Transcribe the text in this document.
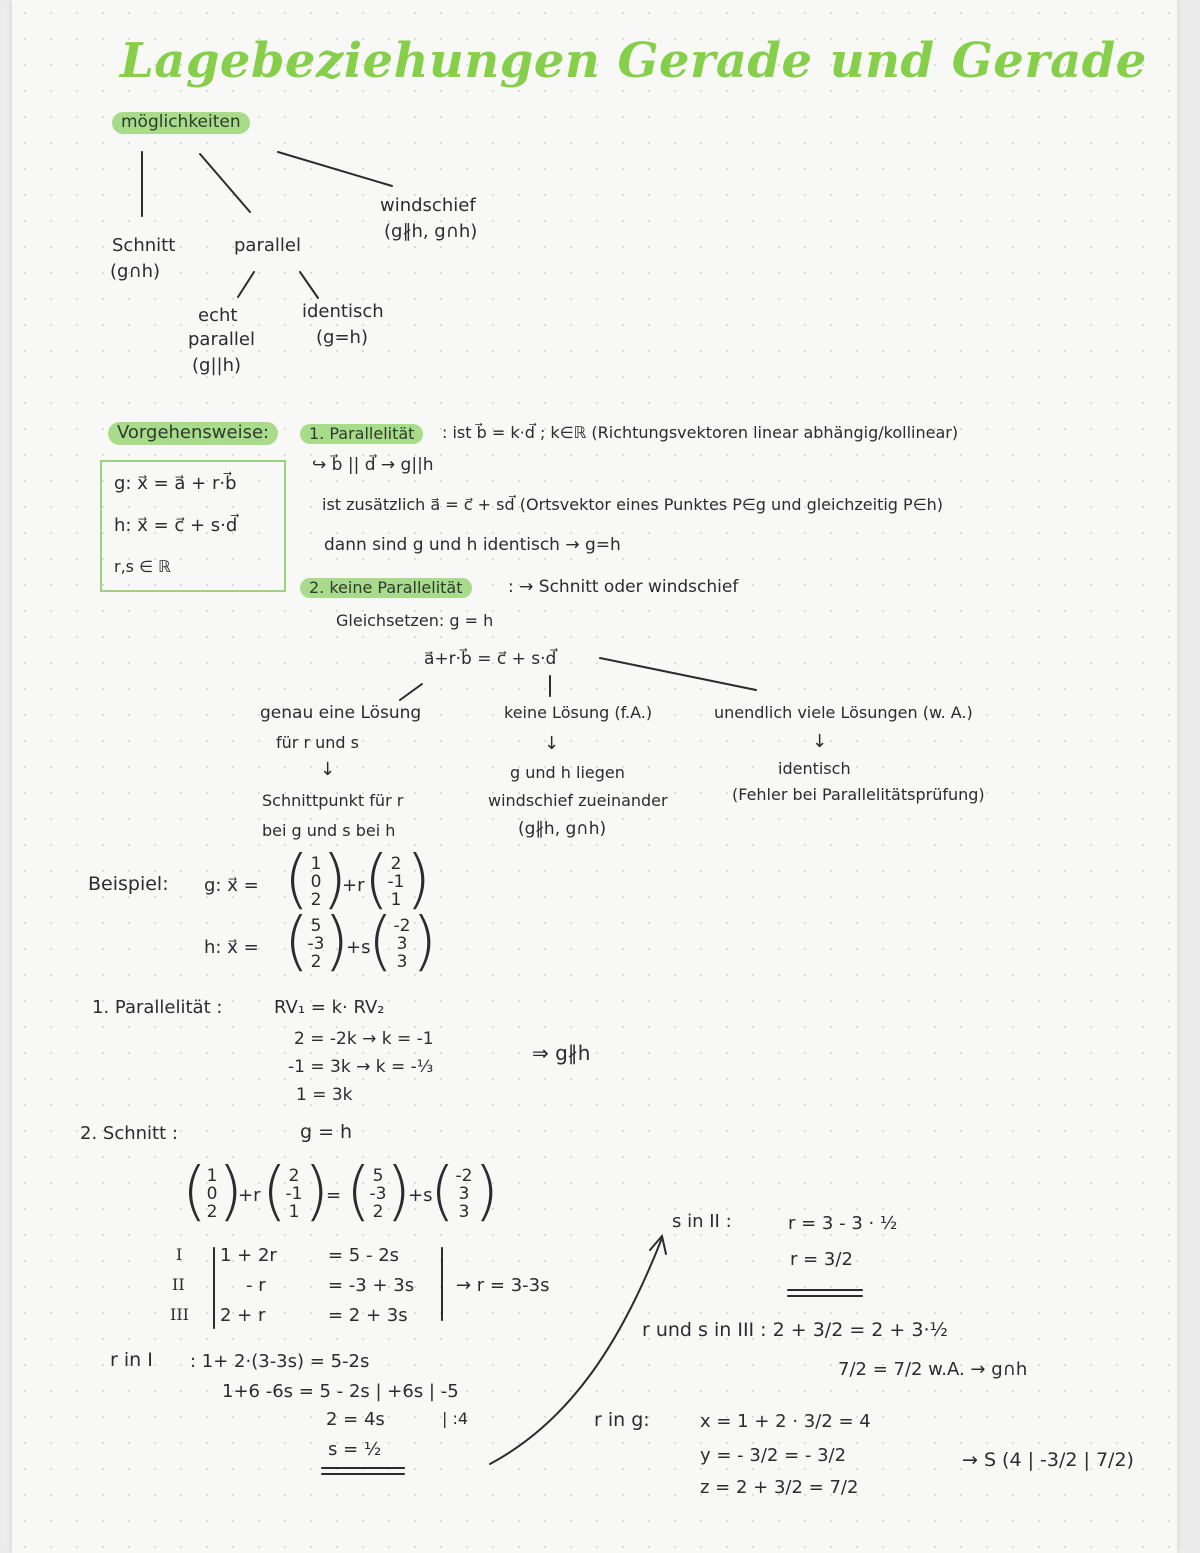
Lagebeziehungen Gerade und Gerade
möglichkeiten
Schnitt
(g∩h)
parallel
windschief
(g∦h, g∩h)
echt
parallel
(g||h)
identisch
(g=h)
g: x⃗ = a⃗ + r·b⃗
h: x⃗ = c⃗ + s·d⃗
r,s ∈ ℝ
Vorgehensweise:	1. Parallelität	: ist b⃗ = k·d⃗ ; k∈ℝ (Richtungsvektoren linear abhängig/kollinear)
↪ b⃗ || d⃗ → g||h
ist zusätzlich a⃗ = c⃗ + sd⃗ (Ortsvektor eines Punktes P∈g und gleichzeitig P∈h)
dann sind g und h identisch → g=h
2. keine Parallelität	: → Schnitt oder windschief
Gleichsetzen: g = h
a⃗+r·b⃗ = c⃗ + s·d⃗
genau eine Lösung
für r und s
↓
Schnittpunkt für r
bei g und s bei h
keine Lösung (f.A.)
↓
g und h liegen
windschief zueinander
(g∦h, g∩h)
unendlich viele Lösungen (w. A.)
↓
identisch
(Fehler bei Parallelitätsprüfung)
Beispiel: g: x⃗ = ( 1
0
2 )
+r ( 2
-1
1 )
h: x⃗ = ( 5
-3
2 )
+s
( -2
3
3 )
1. Parallelität :	RV₁ = k· RV₂
2 = -2k → k = -1
-1 = 3k → k = -⅓
1 = 3k
⇒ g∦h
2. Schnitt :	g = h
( 1
0
2 )
+r ( 2
-1
1 )
= ( 5
-3
2 )
+s
( -2
3
3 )
I 1 + 2r	= 5 - 2s
II	- r	= -3 + 3s
III 2 + r	= 2 + 3s
→ r = 3-3s
r in I : 1+ 2·(3-3s) = 5-2s
1+6 -6s = 5 - 2s | +6s | -5
2 = 4s	| :4
s = ½
s in II :	r = 3 - 3 · ½
r = 3/2
r und s in III : 2 + 3/2 = 2 + 3·½
7/2 = 7/2 w.A. → g∩h
r in g:	x = 1 + 2 · 3/2 = 4
y = - 3/2 = - 3/2
z = 2 + 3/2 = 7/2
→ S (4 | -3/2 | 7/2)
